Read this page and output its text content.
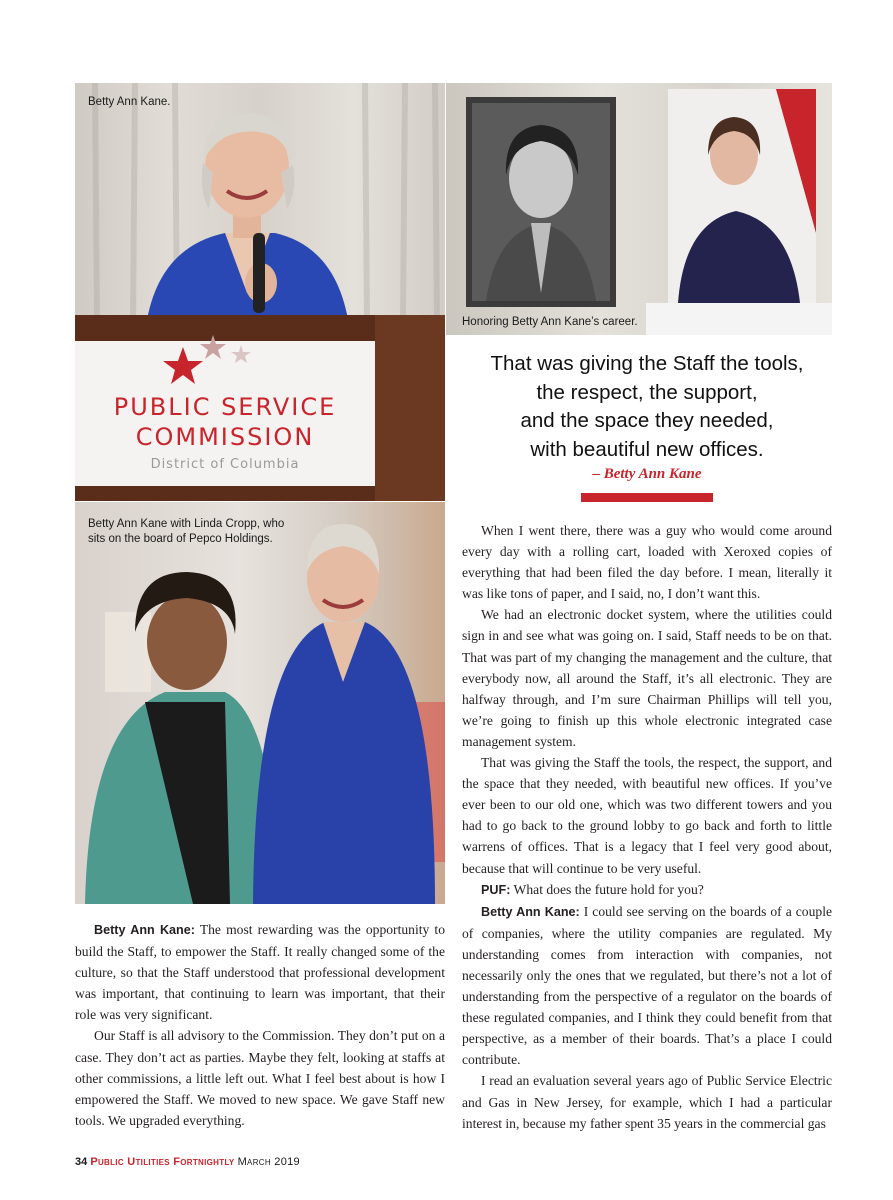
PUBLIC SERVICE
COMMISSION
District of Columbia
Betty Ann Kane.
Honoring Betty Ann Kane’s career.
Betty Ann Kane with Linda Cropp, who sits on the board of Pepco Holdings.
That was giving the Staff the tools,
the respect, the support,
and the space they needed,
with beautiful new offices.
– Betty Ann Kane

Betty Ann Kane: The most rewarding was the opportunity to build the Staff, to empower the Staff. It really changed some of the culture, so that the Staff understood that professional development was important, that continuing to learn was important, that their role was very significant.

Our Staff is all advisory to the Commission. They don’t put on a case. They don’t act as parties. Maybe they felt, looking at staffs at other commissions, a little left out. What I feel best about is how I empowered the Staff. We moved to new space. We gave Staff new tools. We upgraded everything.

When I went there, there was a guy who would come around every day with a rolling cart, loaded with Xeroxed copies of everything that had been filed the day before. I mean, literally it was like tons of paper, and I said, no, I don’t want this.

We had an electronic docket system, where the utilities could sign in and see what was going on. I said, Staff needs to be on that. That was part of my changing the management and the culture, that everybody now, all around the Staff, it’s all electronic. They are halfway through, and I’m sure Chairman Phillips will tell you, we’re going to finish up this whole electronic integrated case management system.

That was giving the Staff the tools, the respect, the support, and the space that they needed, with beautiful new offices. If you’ve ever been to our old one, which was two different towers and you had to go back to the ground lobby to go back and forth to little warrens of offices. That is a legacy that I feel very good about, because that will continue to be very useful.

PUF: What does the future hold for you?

Betty Ann Kane: I could see serving on the boards of a couple of companies, where the utility companies are regulated. My understanding comes from interaction with companies, not necessarily only the ones that we regulated, but there’s not a lot of understanding from the perspective of a regulator on the boards of these regulated companies, and I think they could benefit from that perspective, as a member of their boards. That’s a place I could contribute.

I read an evaluation several years ago of Public Service Electric and Gas in New Jersey, for example, which I had a particular interest in, because my father spent 35 years in the commercial gas

34 Public Utilities Fortnightly March 2019
